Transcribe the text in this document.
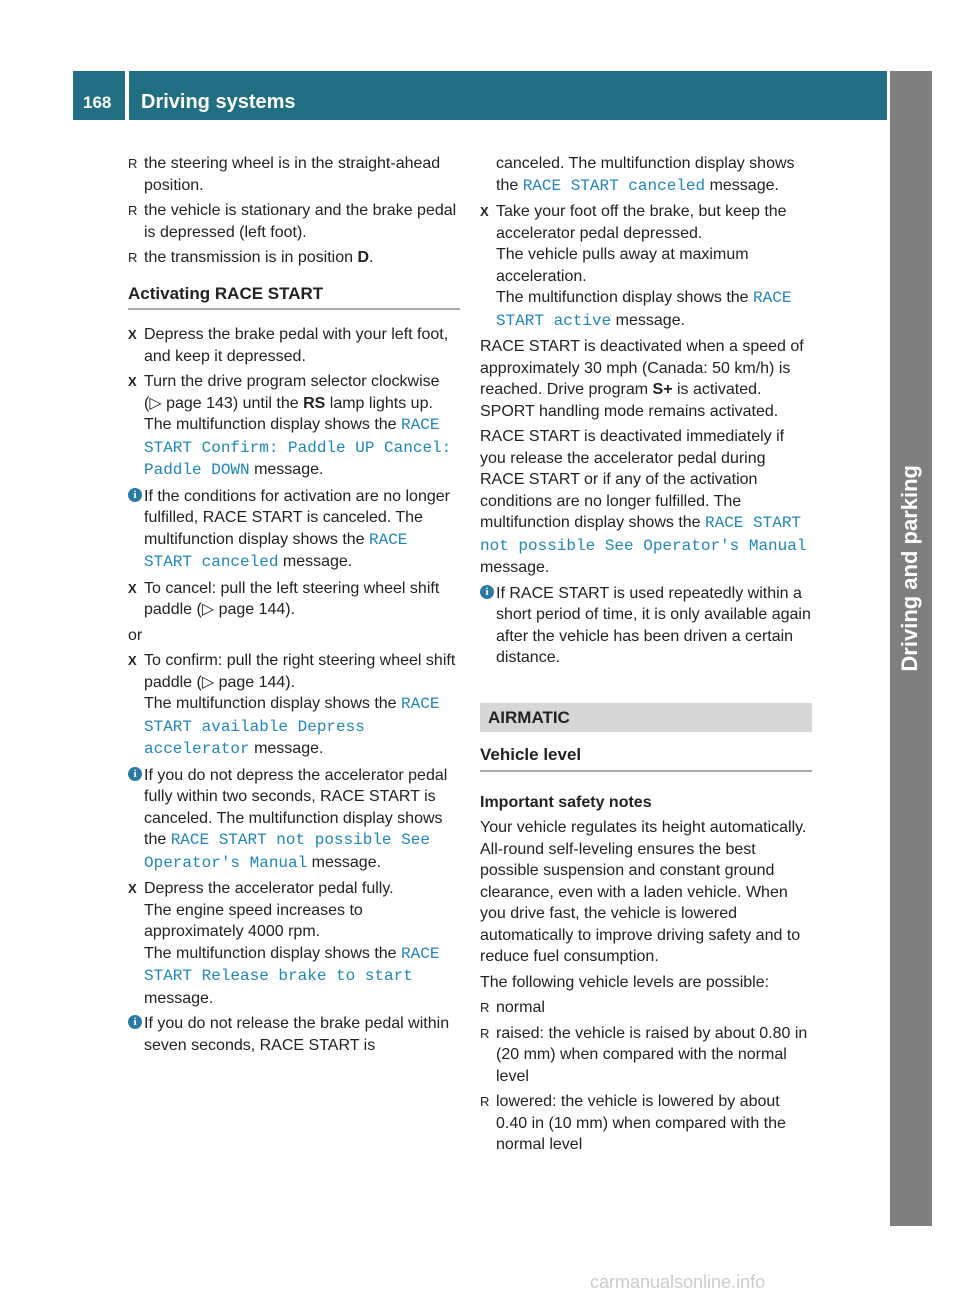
168 Driving systems
Driving and parking
R the steering wheel is in the straight-ahead position.
R the vehicle is stationary and the brake pedal is depressed (left foot).
R the transmission is in position D.
Activating RACE START
X Depress the brake pedal with your left foot, and keep it depressed.
X Turn the drive program selector clockwise (▷ page 143) until the RS lamp lights up.
The multifunction display shows the RACE START Confirm: Paddle UP Cancel: Paddle DOWN message.
i If the conditions for activation are no longer fulfilled, RACE START is canceled. The multifunction display shows the RACE START canceled message.
X To cancel: pull the left steering wheel shift paddle (▷ page 144).

or

X To confirm: pull the right steering wheel shift paddle (▷ page 144).
The multifunction display shows the RACE START available Depress accelerator message.
i If you do not depress the accelerator pedal fully within two seconds, RACE START is canceled. The multifunction display shows the RACE START not possible See Operator's Manual message.
X Depress the accelerator pedal fully.
The engine speed increases to approximately 4000 rpm.
The multifunction display shows the RACE START Release brake to start message.
i If you do not release the brake pedal within seven seconds, RACE START is

canceled. The multifunction display shows the RACE START canceled message.

X Take your foot off the brake, but keep the accelerator pedal depressed.
The vehicle pulls away at maximum acceleration.
The multifunction display shows the RACE START active message.

RACE START is deactivated when a speed of approximately 30 mph (Canada: 50 km/h) is reached. Drive program S+ is activated. SPORT handling mode remains activated.

RACE START is deactivated immediately if you release the accelerator pedal during RACE START or if any of the activation conditions are no longer fulfilled. The multifunction display shows the RACE START not possible See Operator's Manual message.

i If RACE START is used repeatedly within a short period of time, it is only available again after the vehicle has been driven a certain distance.
AIRMATIC
Vehicle level
Important safety notes

Your vehicle regulates its height automatically. All-round self-leveling ensures the best possible suspension and constant ground clearance, even with a laden vehicle. When you drive fast, the vehicle is lowered automatically to improve driving safety and to reduce fuel consumption.

The following vehicle levels are possible:

R normal
R raised: the vehicle is raised by about 0.80 in (20 mm) when compared with the normal level
R lowered: the vehicle is lowered by about 0.40 in (10 mm) when compared with the normal level
carmanualsonline.info
